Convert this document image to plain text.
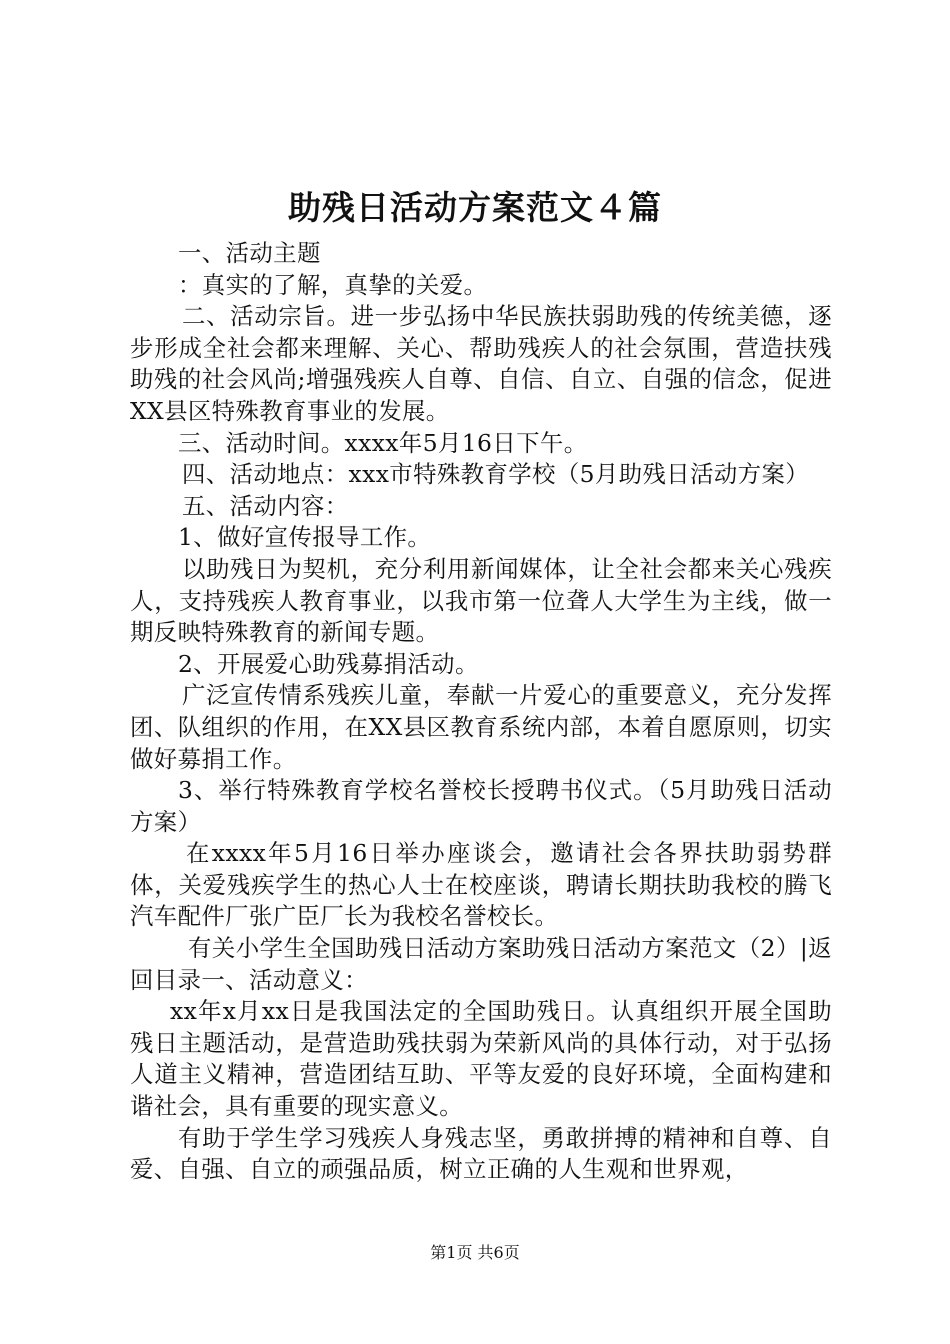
助残日活动方案范文４篇

一、活动主题

：真实的了解，真挚的关爱。

二、活动宗旨。进一步弘扬中华民族扶弱助残的传统美德，逐步形成全社会都来理解、关心、帮助残疾人的社会氛围，营造扶残助残的社会风尚;增强残疾人自尊、自信、自立、自强的信念，促进XX县区特殊教育事业的发展。

三、活动时间。xxxx年5月16日下午。

四、活动地点：xxx市特殊教育学校（5月助残日活动方案）

五、活动内容：

1、做好宣传报导工作。

以助残日为契机，充分利用新闻媒体，让全社会都来关心残疾人，支持残疾人教育事业，以我市第一位聋人大学生为主线，做一期反映特殊教育的新闻专题。

2、开展爱心助残募捐活动。

广泛宣传情系残疾儿童，奉献一片爱心的重要意义，充分发挥团、队组织的作用，在XX县区教育系统内部，本着自愿原则，切实做好募捐工作。

3、举行特殊教育学校名誉校长授聘书仪式。（5月助残日活动方案）

在xxxx年5月16日举办座谈会，邀请社会各界扶助弱势群体，关爱残疾学生的热心人士在校座谈，聘请长期扶助我校的腾飞汽车配件厂张广臣厂长为我校名誉校长。

有关小学生全国助残日活动方案助残日活动方案范文（2）|返回目录一、活动意义：

xx年x月xx日是我国法定的全国助残日。认真组织开展全国助残日主题活动，是营造助残扶弱为荣新风尚的具体行动，对于弘扬人道主义精神，营造团结互助、平等友爱的良好环境，全面构建和谐社会，具有重要的现实意义。

有助于学生学习残疾人身残志坚，勇敢拼搏的精神和自尊、自爱、自强、自立的顽强品质，树立正确的人生观和世界观，

第1页 共6页
